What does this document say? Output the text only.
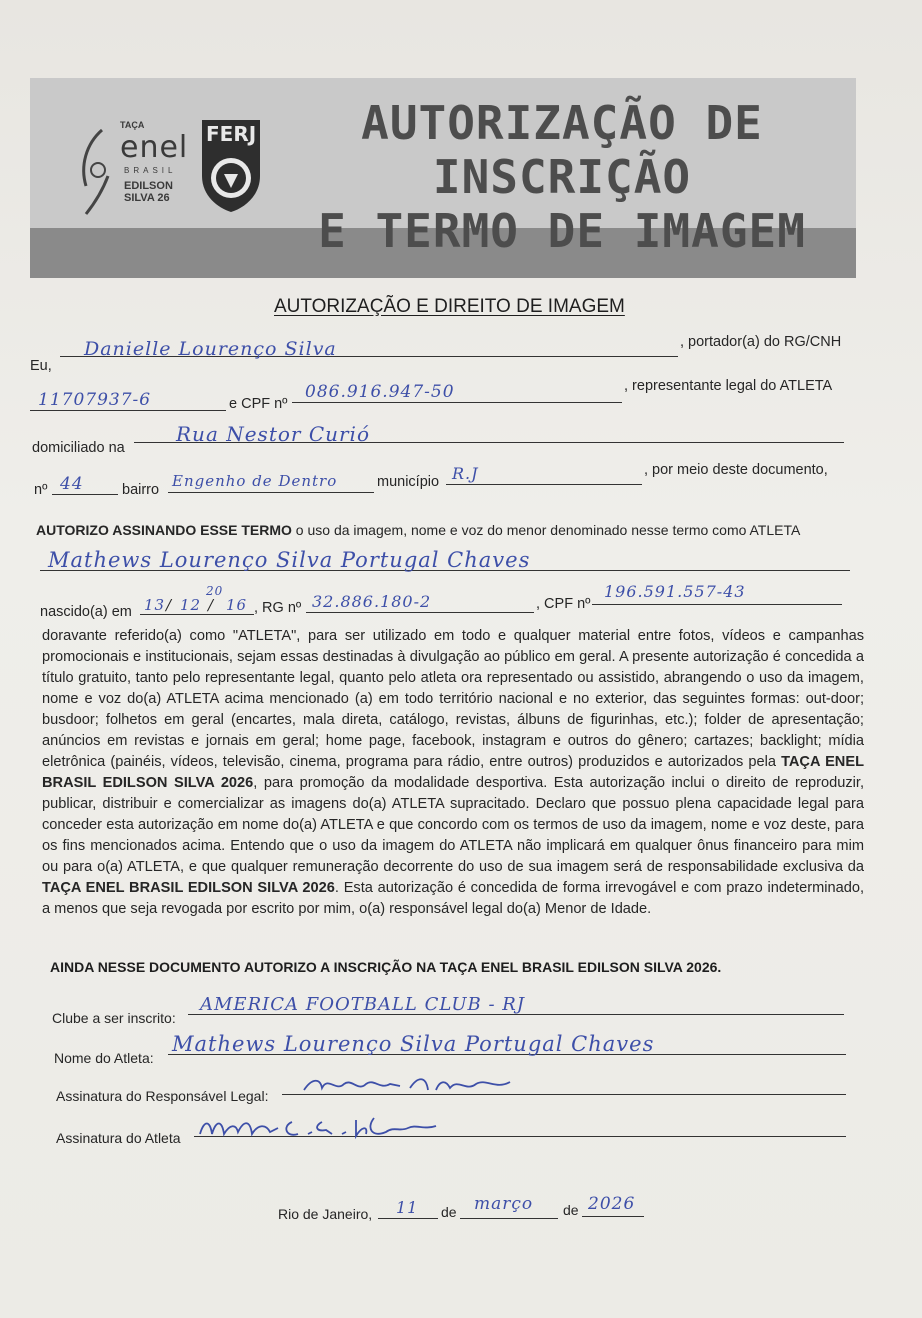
TAÇA
enel
BRASIL
EDILSON
SILVA 26
FERJ	AUTORIZAÇÃO DE INSCRIÇÃO
E TERMO DE IMAGEM
AUTORIZAÇÃO E DIREITO DE IMAGEM
Eu,
Danielle Lourenço Silva	, portador(a) do RG/CNH
11707937-6	e CPF nº
086.916.947-50	, representante legal do ATLETA
domiciliado na
Rua Nestor Curió
nº 44	bairro Engenho de Dentro	município R.J	, por meio deste documento,
AUTORIZO ASSINANDO ESSE TERMO o uso da imagem, nome e voz do menor denominado nesse termo como ATLETA
Mathews Lourenço Silva Portugal Chaves
nascido(a) em 13 / 12 /
20
16 , RG nº 32.886.180-2	, CPF nº
196.591.557-43
doravante referido(a) como "ATLETA", para ser utilizado em todo e qualquer material entre fotos, vídeos e campanhas promocionais e institucionais, sejam essas destinadas à divulgação ao público em geral. A presente autorização é concedida a título gratuito, tanto pelo representante legal, quanto pelo atleta ora representado ou assistido, abrangendo o uso da imagem, nome e voz do(a) ATLETA acima mencionado (a) em todo território nacional e no exterior, das seguintes formas: out-door; busdoor; folhetos em geral (encartes, mala direta, catálogo, revistas, álbuns de figurinhas, etc.); folder de apresentação; anúncios em revistas e jornais em geral; home page, facebook, instagram e outros do gênero; cartazes; backlight; mídia eletrônica (painéis, vídeos, televisão, cinema, programa para rádio, entre outros) produzidos e autorizados pela TAÇA ENEL BRASIL EDILSON SILVA 2026, para promoção da modalidade desportiva. Esta autorização inclui o direito de reproduzir, publicar, distribuir e comercializar as imagens do(a) ATLETA supracitado. Declaro que possuo plena capacidade legal para conceder esta autorização em nome do(a) ATLETA e que concordo com os termos de uso da imagem, nome e voz deste, para os fins mencionados acima. Entendo que o uso da imagem do ATLETA não implicará em qualquer ônus financeiro para mim ou para o(a) ATLETA, e que qualquer remuneração decorrente do uso de sua imagem será de responsabilidade exclusiva da TAÇA ENEL BRASIL EDILSON SILVA 2026. Esta autorização é concedida de forma irrevogável e com prazo indeterminado, a menos que seja revogada por escrito por mim, o(a) responsável legal do(a) Menor de Idade.
AINDA NESSE DOCUMENTO AUTORIZO A INSCRIÇÃO NA TAÇA ENEL BRASIL EDILSON SILVA 2026.
Clube a ser inscrito:
AMERICA FOOTBALL CLUB - RJ
Nome do Atleta:
Mathews Lourenço Silva Portugal Chaves
Assinatura do Responsável Legal:
Assinatura do Atleta
Rio de Janeiro, 11 de março de 2026
